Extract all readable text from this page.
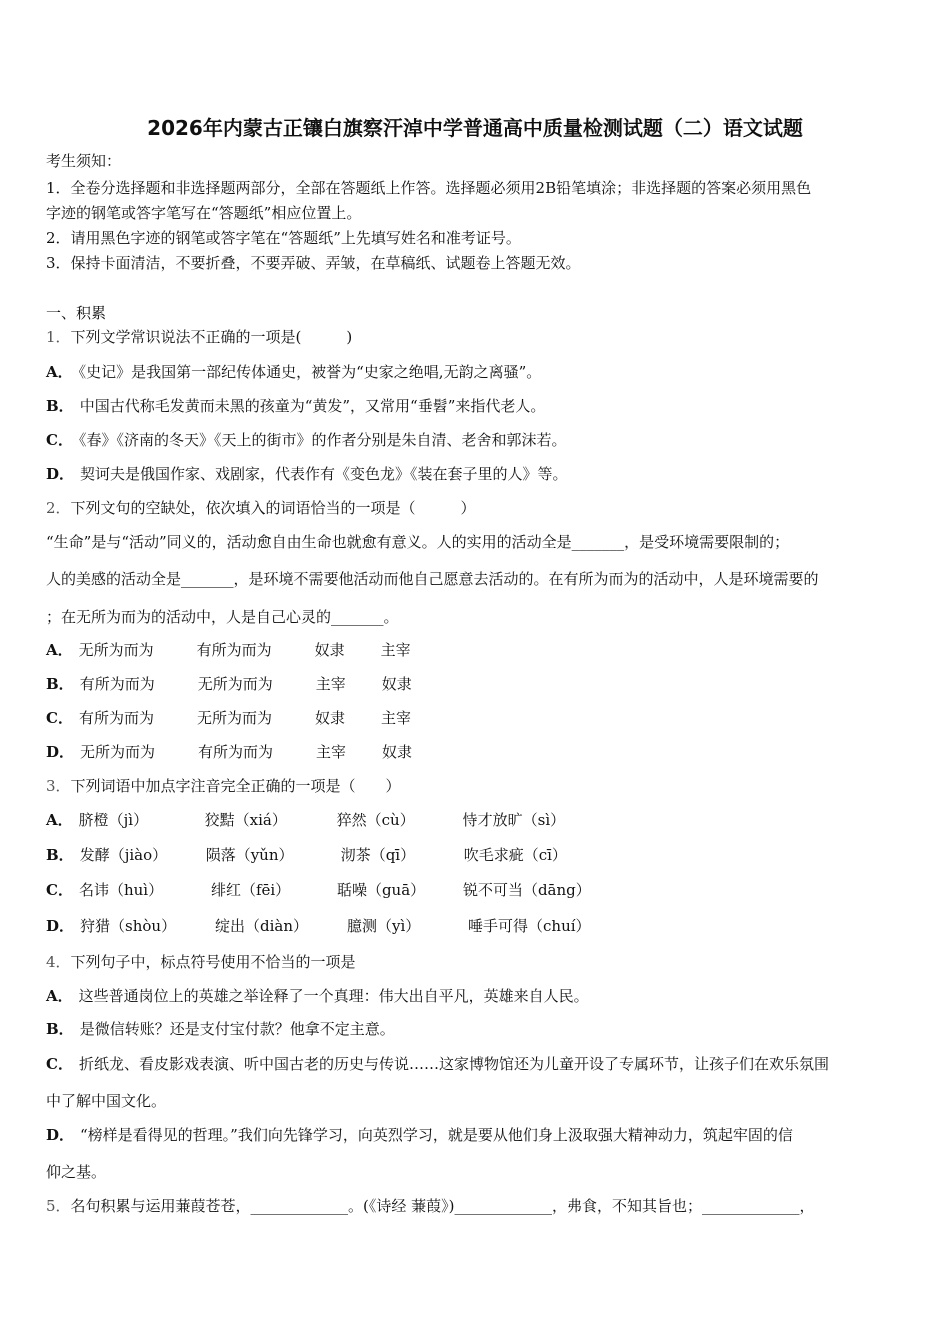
2026年内蒙古正镶白旗察汗淖中学普通高中质量检测试题（二）语文试题
考生须知：
1．全卷分选择题和非选择题两部分，全部在答题纸上作答。选择题必须用2B铅笔填涂；非选择题的答案必须用黑色
字迹的钢笔或答字笔写在“答题纸”相应位置上。
2．请用黑色字迹的钢笔或答字笔在“答题纸”上先填写姓名和准考证号。
3．保持卡面清洁，不要折叠，不要弄破、弄皱，在草稿纸、试题卷上答题无效。
一、积累
1．下列文学常识说法不正确的一项是(　　　)
A． 《史记》是我国第一部纪传体通史，被誉为“史家之绝唱,无韵之离骚”。
B． 中国古代称毛发黄而未黑的孩童为“黄发”，又常用“垂髫”来指代老人。
C． 《春》《济南的冬天》《天上的街市》的作者分别是朱自清、老舍和郭沫若。
D． 契诃夫是俄国作家、戏剧家，代表作有《变色龙》《装在套子里的人》等。
2．下列文句的空缺处，依次填入的词语恰当的一项是（　　　）
“生命”是与“活动”同义的，活动愈自由生命也就愈有意义。人的实用的活动全是_______，是受环境需要限制的；
人的美感的活动全是_______，是环境不需要他活动而他自己愿意去活动的。在有所为而为的活动中，人是环境需要的
；在无所为而为的活动中，人是自己心灵的_______。
A． 无所为而为	有所为而为	奴隶 主宰
B． 有所为而为	无所为而为	主宰 奴隶
C． 有所为而为	无所为而为	奴隶 主宰
D． 无所为而为	有所为而为	主宰 奴隶
3．下列词语中加点字注音完全正确的一项是（　　）
A． 脐橙（jì）	狡黠（xiá）	猝然（cù）	恃才放旷（sì）
B． 发酵（jiào）	陨落（yǔn）	沏茶（qī）	吹毛求疵（cī）
C． 名讳（huì）	绯红（fēi）	聒噪（guā）	锐不可当（dāng）
D． 狩猎（shòu）	绽出（diàn）	臆测（yì）	唾手可得（chuí）
4．下列句子中，标点符号使用不恰当的一项是
A． 这些普通岗位上的英雄之举诠释了一个真理：伟大出自平凡，英雄来自人民。
B． 是微信转账？还是支付宝付款？他拿不定主意。
C． 折纸龙、看皮影戏表演、听中国古老的历史与传说……这家博物馆还为儿童开设了专属环节，让孩子们在欢乐氛围
中了解中国文化。
D． “榜样是看得见的哲理。”我们向先锋学习，向英烈学习，就是要从他们身上汲取强大精神动力，筑起牢固的信
仰之基。
5．名句积累与运用蒹葭苍苍，_____________。(《诗经 蒹葭》)_____________，弗食，不知其旨也；_____________，
